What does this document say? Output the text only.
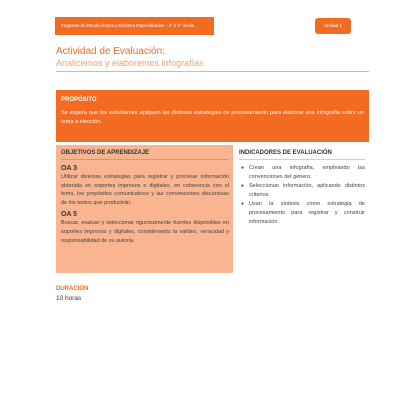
Programa de Estudio lectura y Escritura Especializadas – 3° o 4° medio	Unidad 1
Actividad de Evaluación:
Analicemos y elaboremos infografías
PROPÓSITO
Se espera que los estudiantes apliquen las distintas estrategias de procesamiento para elaborar una infografía sobre un tema a elección.
OBJETIVOS DE APRENDIZAJE
OA 3
Utilizar diversas estrategias para registrar y procesar información obtenida en soportes impresos o digitales, en coherencia con el tema, los propósitos comunicativos y las convenciones discursivas de los textos que producirán.
OA 5
Buscar, evaluar y seleccionar rigurosamente fuentes disponibles en soportes impresos y digitales, considerando la validez, veracidad y responsabilidad de su autoría.
INDICADORES DE EVALUACIÓN
● Crean una infografía, empleando las convenciones del género.
● Seleccionan información, aplicando distintos criterios.
● Usan la síntesis como estrategia de procesamiento para registrar y construir información.
DURACIÓN
10 horas
